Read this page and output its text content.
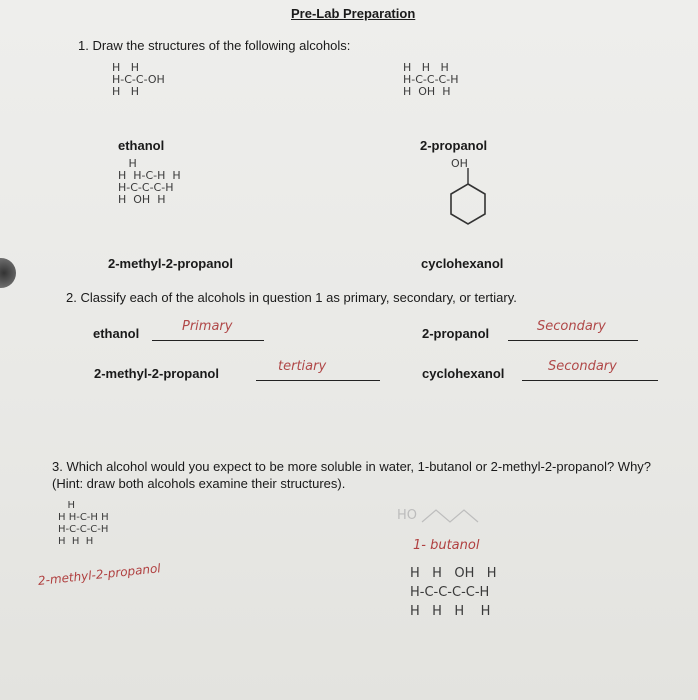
Pre-Lab Preparation
1. Draw the structures of the following alcohols:
H   H
H-C-C-OH
H   H
ethanol
H   H   H
H-C-C-C-H
H  OH  H
2-propanol
H
H  H-C-H  H
H-C-C-C-H
H  OH  H
2-methyl-2-propanol
OH
cyclohexanol
2. Classify each of the alcohols in question 1 as primary, secondary, or tertiary.
ethanol	Primary	2-propanol	Secondary
2-methyl-2-propanol	tertiary	cyclohexanol	Secondary
3. Which alcohol would you expect to be more soluble in water, 1-butanol or 2-methyl-2-propanol? Why? (Hint: draw both alcohols examine their structures).
H
H H-C-H H
H-C-C-C-H
H  H  H
2-methyl-2-propanol
HO
1- butanol
H   H   OH   H
H-C-C-C-C-H
H   H   H    H
